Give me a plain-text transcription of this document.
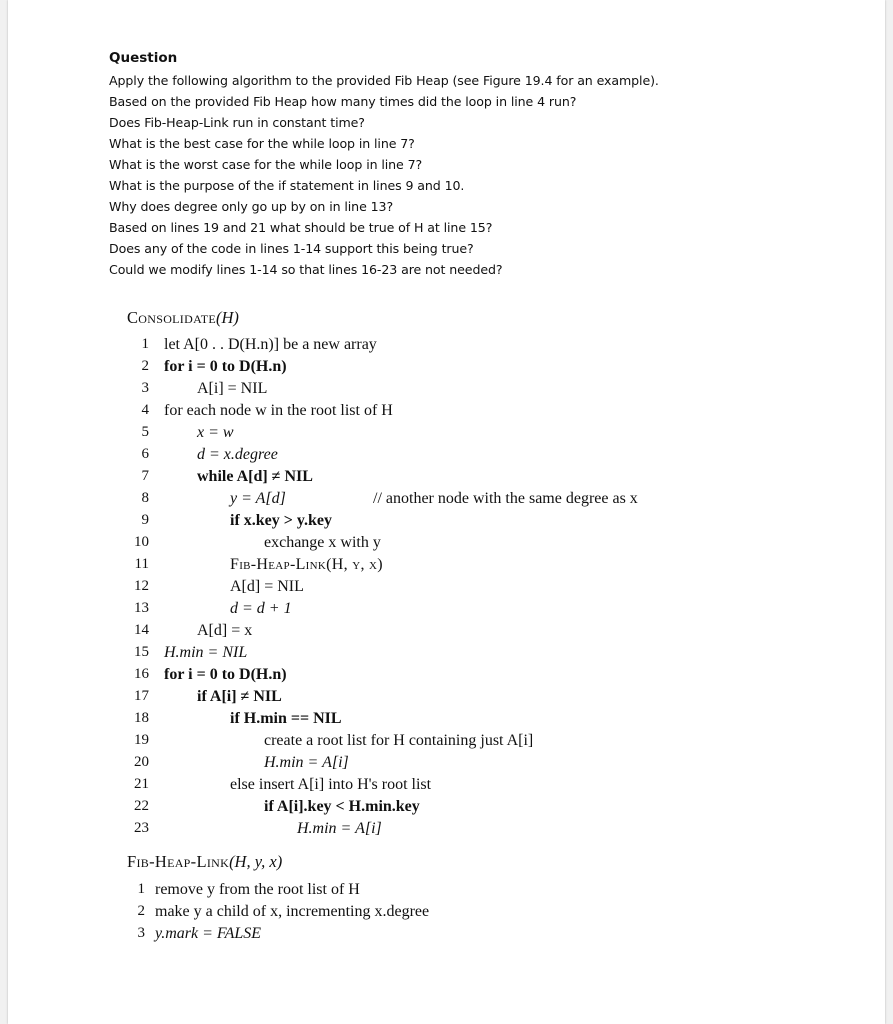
Question
Apply the following algorithm to the provided Fib Heap (see Figure 19.4 for an example).
Based on the provided Fib Heap how many times did the loop in line 4 run?
Does Fib-Heap-Link run in constant time?
What is the best case for the while loop in line 7?
What is the worst case for the while loop in line 7?
What is the purpose of the if statement in lines 9 and 10.
Why does degree only go up by on in line 13?
Based on lines 19 and 21 what should be true of H at line 15?
Does any of the code in lines 1-14 support this being true?
Could we modify lines 1-14 so that lines 16-23 are not needed?
Consolidate(H)
1 let A[0 . . D(H.n)] be a new array
2 for i = 0 to D(H.n)
3	A[i] = NIL
4 for each node w in the root list of H
5	x = w
6	d = x.degree
7	while A[d] ≠ NIL
8	y = A[d]	// another node with the same degree as x
9	if x.key > y.key
10	exchange x with y
11	Fib-Heap-Link(H, y, x)
12	A[d] = NIL
13	d = d + 1
14	A[d] = x
15 H.min = NIL
16 for i = 0 to D(H.n)
17	if A[i] ≠ NIL
18	if H.min == NIL
19	create a root list for H containing just A[i]
20	H.min = A[i]
21	else insert A[i] into H's root list
22	if A[i].key < H.min.key
23	H.min = A[i]
Fib-Heap-Link(H, y, x)
1 remove y from the root list of H
2 make y a child of x, incrementing x.degree
3 y.mark = FALSE
